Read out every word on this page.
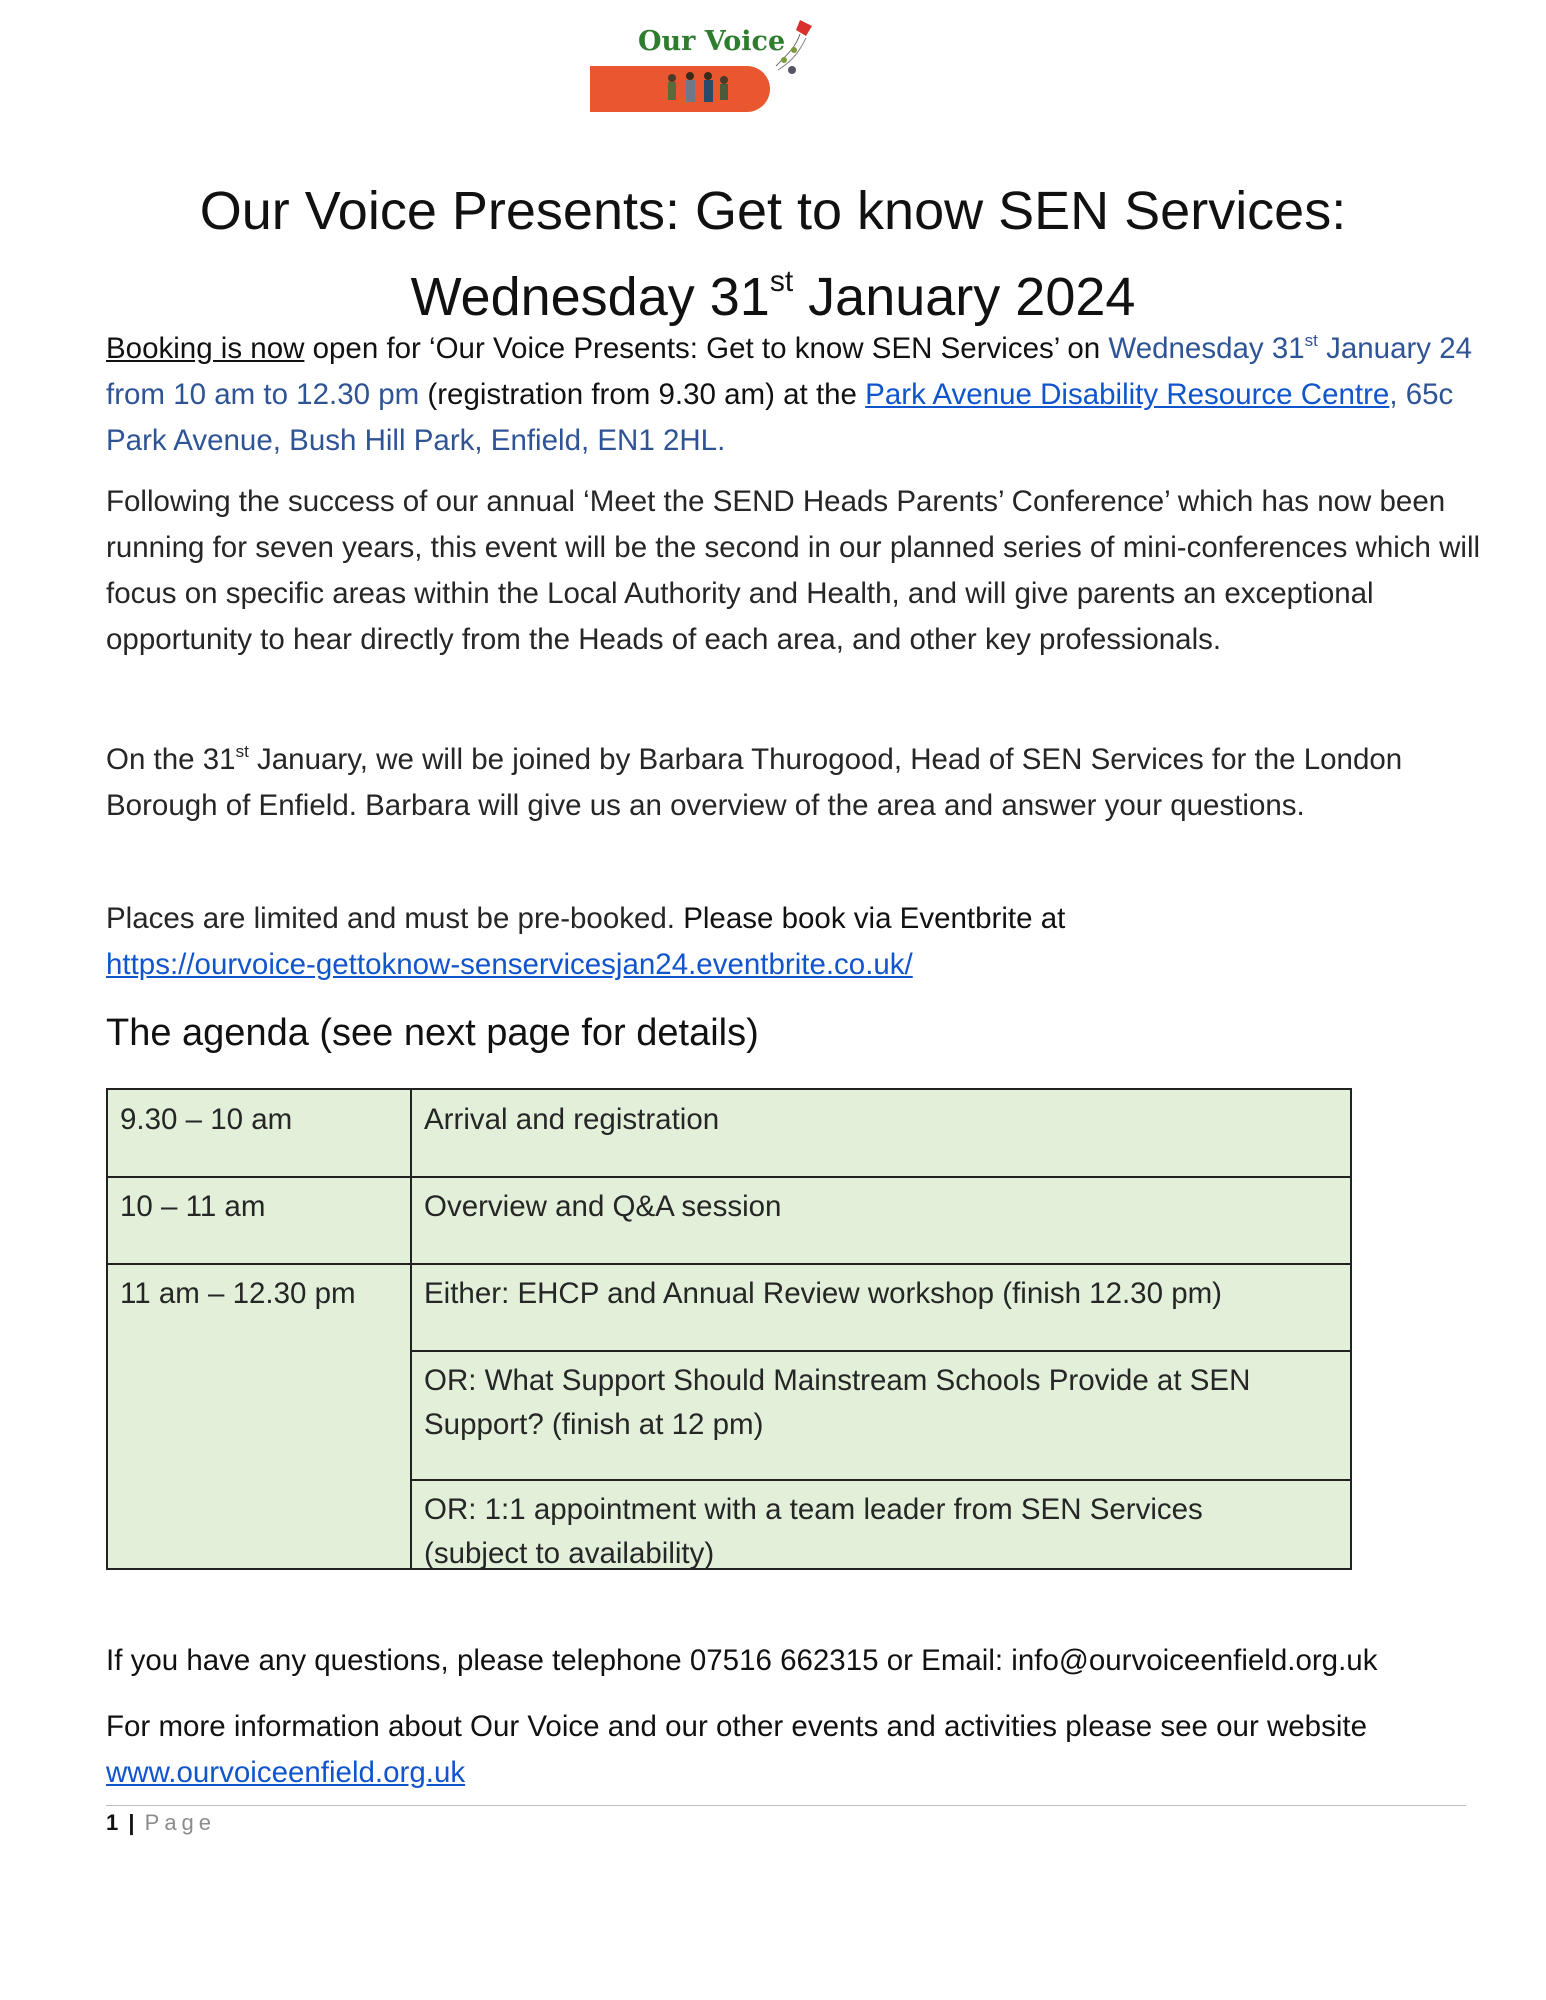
Our Voice
Our Voice Presents: Get to know SEN Services:
Wednesday 31st January 2024
Booking is now open for ‘Our Voice Presents: Get to know SEN Services’ on Wednesday 31st January 24 from 10 am to 12.30 pm (registration from 9.30 am) at the Park Avenue Disability Resource Centre, 65c Park Avenue, Bush Hill Park, Enfield, EN1 2HL.
Following the success of our annual ‘Meet the SEND Heads Parents’ Conference’ which has now been running for seven years, this event will be the second in our planned series of mini-conferences which will focus on specific areas within the Local Authority and Health, and will give parents an exceptional opportunity to hear directly from the Heads of each area, and other key professionals.
On the 31st January, we will be joined by Barbara Thurogood, Head of SEN Services for the London Borough of Enfield. Barbara will give us an overview of the area and answer your questions.
Places are limited and must be pre-booked. Please book via Eventbrite at
https://ourvoice-gettoknow-senservicesjan24.eventbrite.co.uk/
The agenda (see next page for details)
9.30 – 10 am	Arrival and registration
10 – 11 am	Overview and Q&A session
11 am – 12.30 pm	Either: EHCP and Annual Review workshop (finish 12.30 pm)
OR: What Support Should Mainstream Schools Provide at SEN Support? (finish at 12 pm)
OR: 1:1 appointment with a team leader from SEN Services (subject to availability)
If you have any questions, please telephone 07516 662315 or Email: info@ourvoiceenfield.org.uk
For more information about Our Voice and our other events and activities please see our website www.ourvoiceenfield.org.uk
1 | Page
